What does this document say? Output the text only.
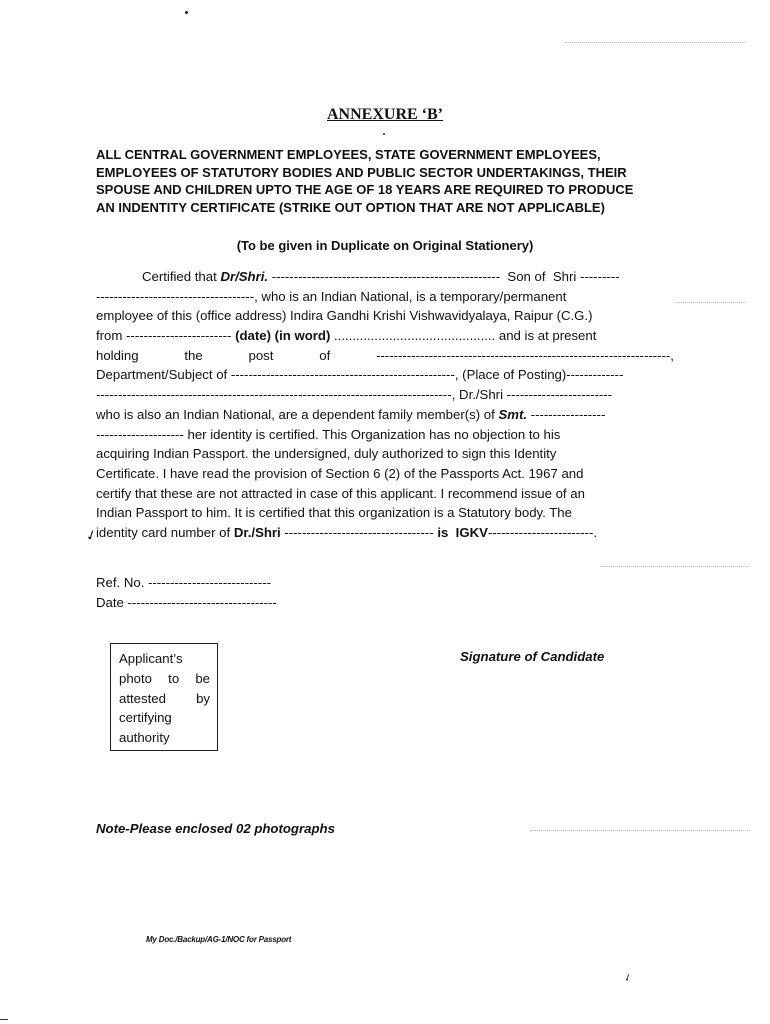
ANNEXURE ‘B’
ALL CENTRAL GOVERNMENT EMPLOYEES, STATE GOVERNMENT EMPLOYEES,
EMPLOYEES OF STATUTORY BODIES AND PUBLIC SECTOR UNDERTAKINGS, THEIR
SPOUSE AND CHILDREN UPTO THE AGE OF 18 YEARS ARE REQUIRED TO PRODUCE
AN INDENTITY CERTIFICATE (STRIKE OUT OPTION THAT ARE NOT APPLICABLE)
(To be given in Duplicate on Original Stationery)
Certified that Dr/Shri. ----------------------------------------------------  Son of  Shri ---------
------------------------------------, who is an Indian National, is a temporary/permanent
employee of this (office address) Indira Gandhi Krishi Vishwavidyalaya, Raipur (C.G.)
from ------------------------ (date) (in word) ............................................ and is at present
holding	the	post	of	-------------------------------------------------------------------,
Department/Subject of ---------------------------------------------------, (Place of Posting)-------------
---------------------------------------------------------------------------------, Dr./Shri ------------------------
who is also an Indian National, are a dependent family member(s) of Smt. -----------------
-------------------- her identity is certified. This Organization has no objection to his
acquiring Indian Passport. the undersigned, duly authorized to sign this Identity
Certificate. I have read the provision of Section 6 (2) of the Passports Act. 1967 and
certify that these are not attracted in case of this applicant. I recommend issue of an
Indian Passport to him. It is certified that this organization is a Statutory body. The
identity card number of Dr./Shri ---------------------------------- is  IGKV ------------------------.
✓
Ref. No. ----------------------------
Date ----------------------------------
Applicant’s
photo to be
attested by
certifying
authority
Signature of Candidate
Note-Please enclosed 02 photographs
My Doc./Backup/AG-1/NOC for Passport
✓
